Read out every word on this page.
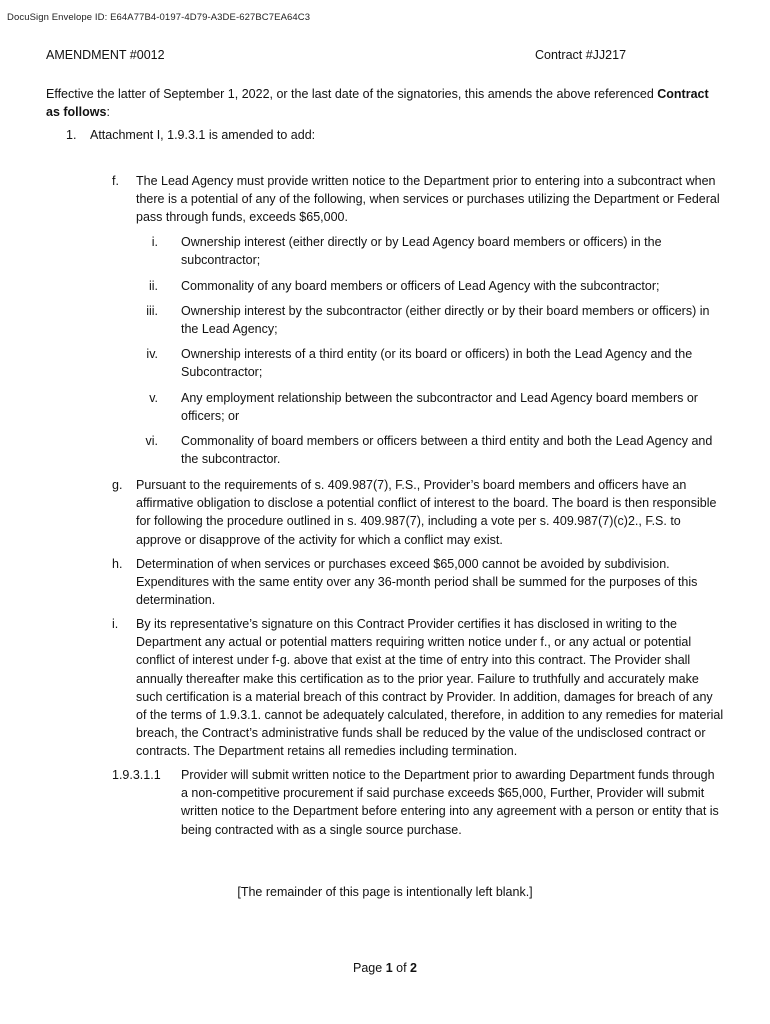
DocuSign Envelope ID: E64A77B4-0197-4D79-A3DE-627BC7EA64C3
AMENDMENT #0012	Contract #JJ217
Effective the latter of September 1, 2022, or the last date of the signatories, this amends the above referenced Contract as follows:
1. Attachment I, 1.9.3.1 is amended to add:
f. The Lead Agency must provide written notice to the Department prior to entering into a subcontract when there is a potential of any of the following, when services or purchases utilizing the Department or Federal pass through funds, exceeds $65,000.
i. Ownership interest (either directly or by Lead Agency board members or officers) in the subcontractor;
ii. Commonality of any board members or officers of Lead Agency with the subcontractor;
iii. Ownership interest by the subcontractor (either directly or by their board members or officers) in the Lead Agency;
iv. Ownership interests of a third entity (or its board or officers) in both the Lead Agency and the Subcontractor;
v. Any employment relationship between the subcontractor and Lead Agency board members or officers; or
vi. Commonality of board members or officers between a third entity and both the Lead Agency and the subcontractor.
g. Pursuant to the requirements of s. 409.987(7), F.S., Provider’s board members and officers have an affirmative obligation to disclose a potential conflict of interest to the board. The board is then responsible for following the procedure outlined in s. 409.987(7), including a vote per s. 409.987(7)(c)2., F.S. to approve or disapprove of the activity for which a conflict may exist.
h. Determination of when services or purchases exceed $65,000 cannot be avoided by subdivision. Expenditures with the same entity over any 36-month period shall be summed for the purposes of this determination.
i. By its representative’s signature on this Contract Provider certifies it has disclosed in writing to the Department any actual or potential matters requiring written notice under f., or any actual or potential conflict of interest under f-g. above that exist at the time of entry into this contract. The Provider shall annually thereafter make this certification as to the prior year. Failure to truthfully and accurately make such certification is a material breach of this contract by Provider. In addition, damages for breach of any of the terms of 1.9.3.1. cannot be adequately calculated, therefore, in addition to any remedies for material breach, the Contract’s administrative funds shall be reduced by the value of the undisclosed contract or contracts. The Department retains all remedies including termination.
1.9.3.1.1 Provider will submit written notice to the Department prior to awarding Department funds through a non-competitive procurement if said purchase exceeds $65,000, Further, Provider will submit written notice to the Department before entering into any agreement with a person or entity that is being contracted with as a single source purchase.
[The remainder of this page is intentionally left blank.]
Page 1 of 2
